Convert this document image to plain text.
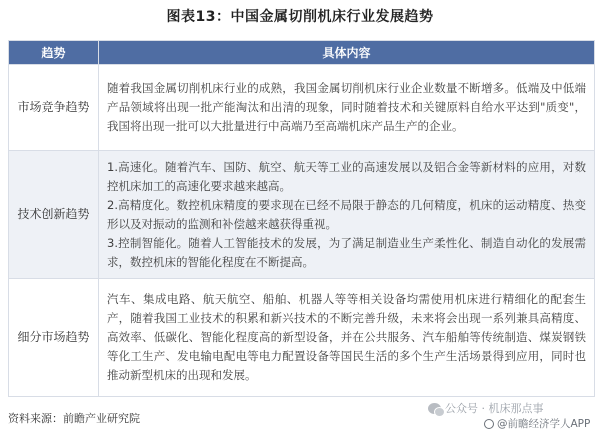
图表13：中国金属切削机床行业发展趋势
趋势	具体内容
市场竞争趋势	随着我国金属切削机床行业的成熟，我国金属切削机床行业企业数量不断增多。低端及中低端产品领域将出现一批产能淘汰和出清的现象，同时随着技术和关键原料自给水平达到"质变"，我国将出现一批可以大批量进行中高端乃至高端机床产品生产的企业。

技术创新趋势	1.高速化。随着汽车、国防、航空、航天等工业的高速发展以及铝合金等新材料的应用，对数控机床加工的高速化要求越来越高。
2.高精度化。数控机床精度的要求现在已经不局限于静态的几何精度，机床的运动精度、热变形以及对振动的监测和补偿越来越获得重视。
3.控制智能化。随着人工智能技术的发展，为了满足制造业生产柔性化、制造自动化的发展需求，数控机床的智能化程度在不断提高。

细分市场趋势	汽车、集成电路、航天航空、船舶、机器人等等相关设备均需使用机床进行精细化的配套生产，随着我国工业技术的积累和新兴技术的不断完善升级，未来将会出现一系列兼具高精度、高效率、低碳化、智能化程度高的新型设备，并在公共服务、汽车船舶等传统制造、煤炭钢铁等化工生产、发电输电配电等电力配置设备等国民生活的多个生产生活场景得到应用，同时也推动新型机床的出现和发展。
资料来源：前瞻产业研究院
公众号 · 机床那点事
@前瞻经济学人APP
